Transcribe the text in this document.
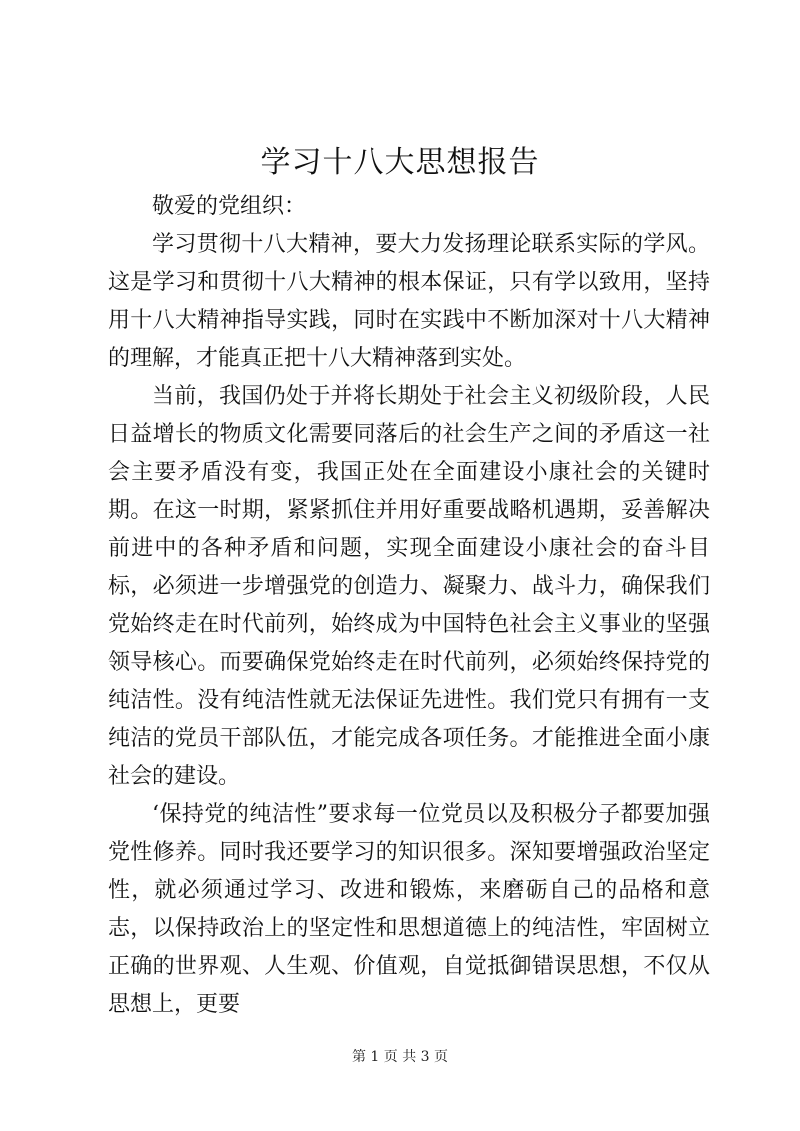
学习十八大思想报告

敬爱的党组织：

学习贯彻十八大精神，要大力发扬理论联系实际的学风。这是学习和贯彻十八大精神的根本保证，只有学以致用，坚持用十八大精神指导实践，同时在实践中不断加深对十八大精神的理解，才能真正把十八大精神落到实处。

当前，我国仍处于并将长期处于社会主义初级阶段，人民日益增长的物质文化需要同落后的社会生产之间的矛盾这一社会主要矛盾没有变，我国正处在全面建设小康社会的关键时期。在这一时期，紧紧抓住并用好重要战略机遇期，妥善解决前进中的各种矛盾和问题，实现全面建设小康社会的奋斗目标，必须进一步增强党的创造力、凝聚力、战斗力，确保我们党始终走在时代前列，始终成为中国特色社会主义事业的坚强领导核心。而要确保党始终走在时代前列，必须始终保持党的纯洁性。没有纯洁性就无法保证先进性。我们党只有拥有一支纯洁的党员干部队伍，才能完成各项任务。才能推进全面小康社会的建设。

‘保持党的纯洁性”要求每一位党员以及积极分子都要加强党性修养。同时我还要学习的知识很多。深知要增强政治坚定性，就必须通过学习、改进和锻炼，来磨砺自己的品格和意志，以保持政治上的坚定性和思想道德上的纯洁性，牢固树立正确的世界观、人生观、价值观，自觉抵御错误思想，不仅从思想上，更要

第 1 页 共 3 页
